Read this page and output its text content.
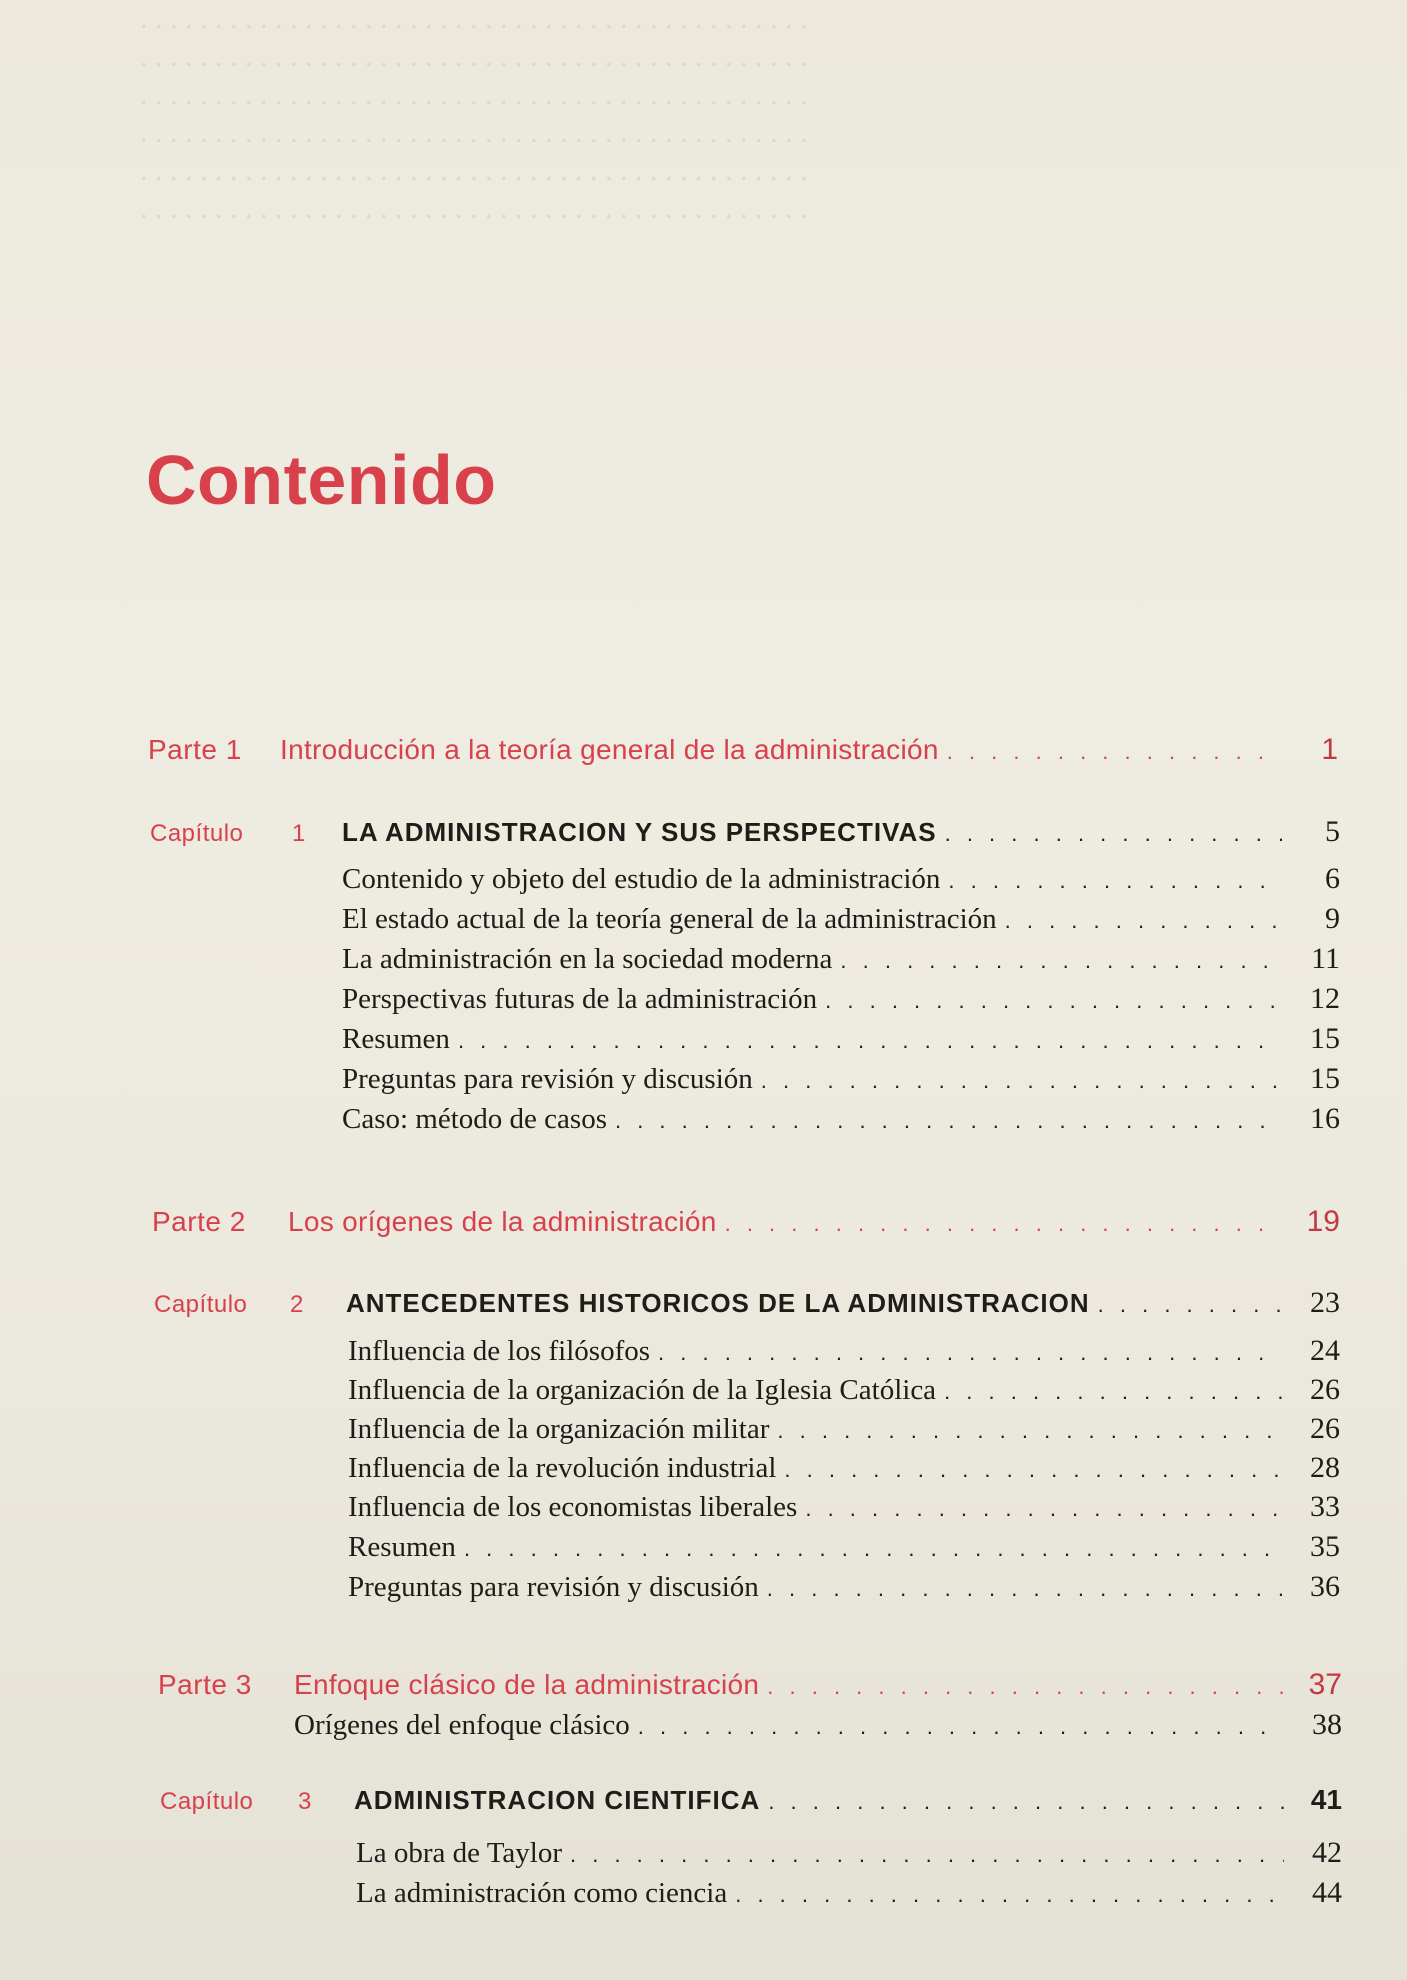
. . . . . . . . . . . . . . . . . . . . . . . . . . . . . . . . . . . . . . . . . . . . .
. . . . . . . . . . . . . . . . . . . . . . . . . . . . . . . . . . . . . . . . . . . . .
. . . . . . . . . . . . . . . . . . . . . . . . . . . . . . . . . . . . . . . . . . . . .
. . . . . . . . . . . . . . . . . . . . . . . . . . . . . . . . . . . . . . . . . . . . .
. . . . . . . . . . . . . . . . . . . . . . . . . . . . . . . . . . . . . . . . . . . . .
. . . . . . . . . . . . . . . . . . . . . . . . . . . . . . . . . . . . . . . . . . . . .
Contenido
Parte 1	Introducción a la teoría general de la administración . . .	1
Capítulo	1	LA ADMINISTRACION Y SUS PERSPECTIVAS . . .	5
Contenido y objeto del estudio de la administración . . .	6
El estado actual de la teoría general de la administración . . .	9
La administración en la sociedad moderna . . .	11
Perspectivas futuras de la administración . . .	12
Resumen . . .	15
Preguntas para revisión y discusión . . .	15
Caso: método de casos . . .	16
Parte 2	Los orígenes de la administración . . .	19
Capítulo	2	ANTECEDENTES HISTORICOS DE LA ADMINISTRACION . . .	23
Influencia de los filósofos . . .	24
Influencia de la organización de la Iglesia Católica . . .	26
Influencia de la organización militar . . .	26
Influencia de la revolución industrial . . .	28
Influencia de los economistas liberales . . .	33
Resumen . . .	35
Preguntas para revisión y discusión . . .	36
Parte 3	Enfoque clásico de la administración . . .	37
Orígenes del enfoque clásico . . .	38
Capítulo	3	ADMINISTRACION CIENTIFICA . . .	41
La obra de Taylor . . .	42
La administración como ciencia . . .	44
